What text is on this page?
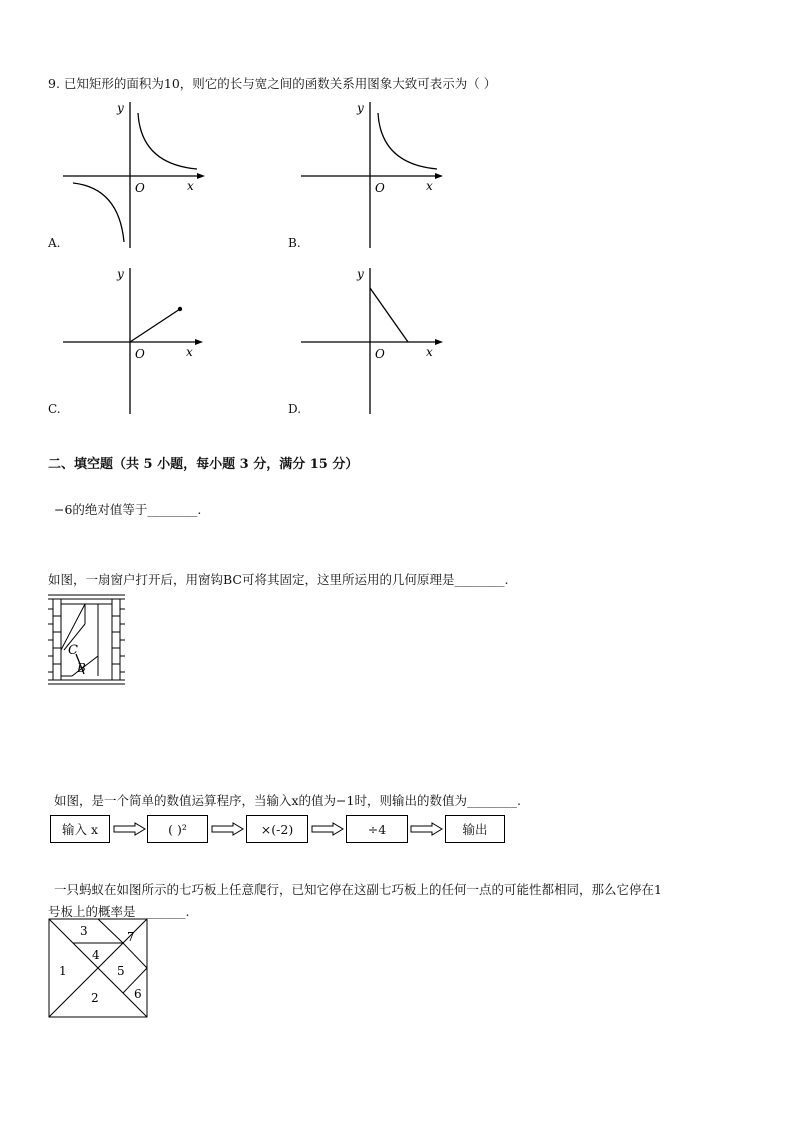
9. 已知矩形的面积为10，则它的长与宽之间的函数关系用图象大致可表示为（ ）
y
x
O
A.
y
x
O
B.
y
x
O
C.
y
x
O
D.
二、填空题（共 5 小题，每小题 3 分，满分 15 分）
−6的绝对值等于________.
如图，一扇窗户打开后，用窗钩BC可将其固定，这里所运用的几何原理是________.
C
B
如图，是一个简单的数值运算程序，当输入x的值为−1时，则输出的数值为________.
输入 x	( )²	×(-2)	÷4	输出
一只蚂蚁在如图所示的七巧板上任意爬行，已知它停在这副七巧板上的任何一点的可能性都相同，那么它停在1
号板上的概率是________.
3	7
4
1	5
2	6
